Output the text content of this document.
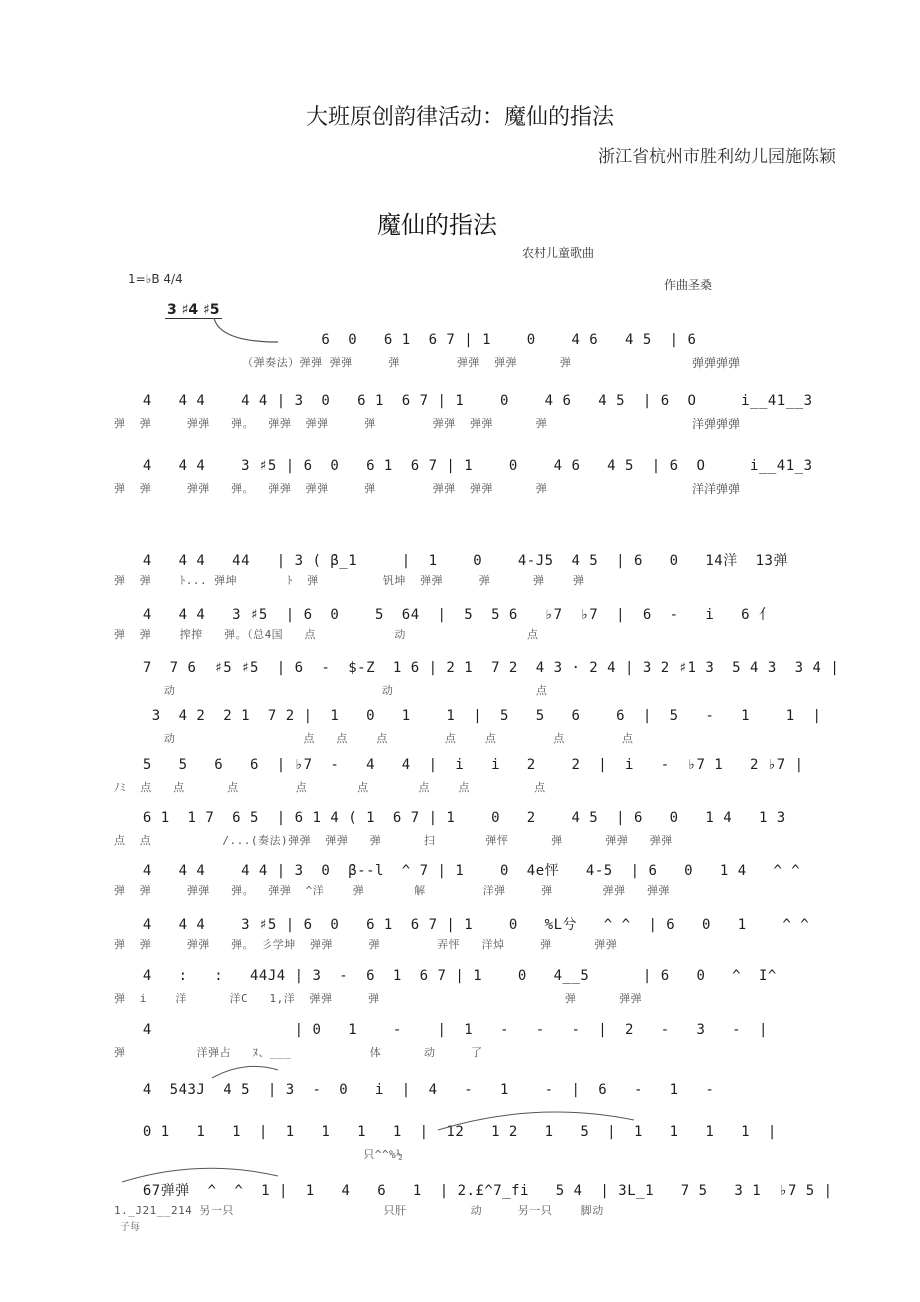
大班原创韵律活动：魔仙的指法
浙江省杭州市胜利幼儿园施陈颖
魔仙的指法
农村儿童歌曲
1=♭B 4/4	作曲圣桑
3 ♯4 ♯5
6  0   6 1  6 7 | 1    0    4 6   4 5  | 6
（弹奏法）弹弹 弹弹     弹        弹弹  弹弹      弹	弹弹弹弹
4   4 4    4 4 | 3  0   6 1  6 7 | 1    0    4 6   4 5  | 6  O     i__41__3
弹  弹     弹弹   弹。  弹弹  弹弹     弹        弹弹  弹弹      弹	洋弹弹弹
4   4 4    3 ♯5 | 6  0   6 1  6 7 | 1    0    4 6   4 5  | 6  O     i__41_3
弹  弹     弹弹   弹。  弹弹  弹弹     弹        弹弹  弹弹      弹	洋洋弹弹
4   4 4   44   | 3 ( β_1     |  1    0    4-J5  4 5  | 6   0   14洋  13弹
弹  弹    ﾄ... 弹坤       ﾄ  弹         钒坤  弹弹     弹      弹    弹
4   4 4   3 ♯5  | 6  0    5  64  |  5  5 6   ♭7  ♭7  |  6  -   i   6 亻
弹  弹    搾搾   弹。（总4国   点           动                 点
7  7 6  ♯5 ♯5  | 6  -  $-Z  1 6 | 2 1  7 2  4 3 · 2 4 | 3 2 ♯1 3  5 4 3  3 4 |
动                             动                    点
3  4 2  2 1  7 2 |  1   0   1    1  |  5   5   6    6  |  5   -   1    1  |
动                  点   点    点        点    点        点        点
5   5   6   6  | ♭7  -   4   4  |  i   i   2    2  |  i   -  ♭7 1   2 ♭7 |
ﾉﾐ  点   点      点        点       点       点    点         点
6 1  1 7  6 5  | 6 1 4 ( 1  6 7 | 1    0   2    4 5  | 6   0   1 4   1 3
点  点          /...(奏法)弹弹  弹弹   弹      扫       弹怦      弹      弹弹   弹弹
4   4 4    4 4 | 3  0  β--l  ^ 7 | 1    0  4e怦   4-5  | 6   0   1 4   ^ ^
弹  弹     弹弹   弹。  弹弹  ^洋    弹       解        洋弹     弹       弹弹   弹弹
4   4 4    3 ♯5 | 6  0   6 1  6 7 | 1    0   %L兮   ^ ^  | 6   0   1    ^ ^
弹  弹     弹弹   弹。 彡学坤  弹弹     弹        弄怦   洋焯     弹      弹弹
4   :   :   44J4 | 3  -  6  1  6 7 | 1    0   4__5      | 6   0   ^  I^
弹  i    洋      洋C   1,洋  弹弹     弹                          弹      弹弹
4                | 0   1    -    |  1   -   -   -  |  2   -   3   -  |
弹          洋弹占   ﾇ、___           体      动     了
4  543J  4 5  | 3  -  0   i  |  4   -   1    -  |  6   -   1   -
0 1   1   1  |  1   1   1   1  |  12   1 2   1   5  |  1   1   1   1  |
只^^%½
67弹弹  ^  ^  1 |  1   4   6   1  | 2.£^7_fi   5 4  | 3L_1   7 5   3 1  ♭7 5 |
1._J21__214 另一只                     只肝         动     另一只    脚动
子每
